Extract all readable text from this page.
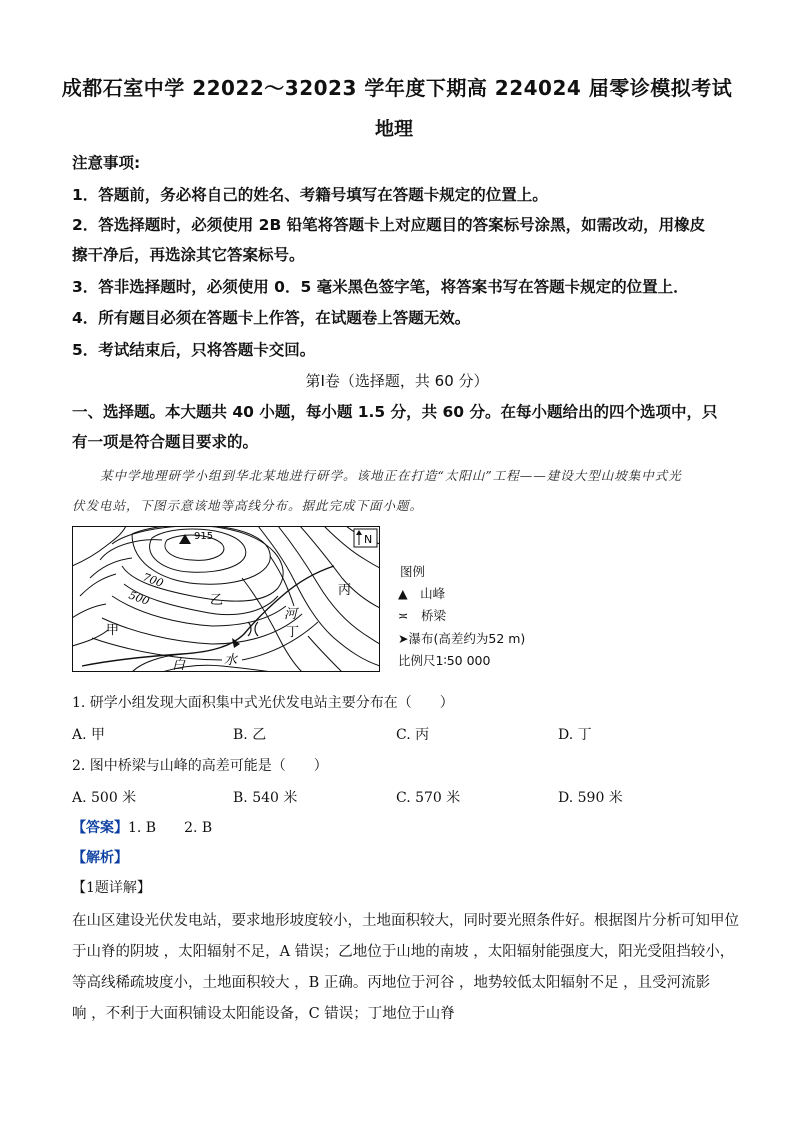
成都石室中学 22022～32023 学年度下期高 224024 届零诊模拟考试
地理
注意事项:
1．答题前，务必将自己的姓名、考籍号填写在答题卡规定的位置上。
2．答选择题时，必须使用 2B 铅笔将答题卡上对应题目的答案标号涂黑，如需改动，用橡皮
擦干净后，再选涂其它答案标号。
3．答非选择题时，必须使用 0．5 毫米黑色签字笔，将答案书写在答题卡规定的位置上．
4．所有题目必须在答题卡上作答，在试题卷上答题无效。
5．考试结束后，只将答题卡交回。
第Ⅰ卷（选择题，共 60 分）
一、选择题。本大题共 40 小题，每小题 1.5 分，共 60 分。在每小题给出的四个选项中，只
有一项是符合题目要求的。
某中学地理研学小组到华北某地进行研学。该地正在打造“太阳山”工程——建设大型山坡集中式光
伏发电站，下图示意该地等高线分布。据此完成下面小题。
915	N
700
500
甲
乙
丙
丁
河
白	水
图例
▲　 山峰
≍　 桥梁
➤瀑布(高差约为52 m)
比例尺1∶50 000
1. 研学小组发现大面积集中式光伏发电站主要分布在（　　）
A. 甲	B. 乙	C. 丙	D. 丁
2. 图中桥梁与山峰的高差可能是（　　）
A. 500 米	B. 540 米	C. 570 米	D. 590 米
【答案】1. B　　2. B
【解析】
【1题详解】
在山区建设光伏发电站，要求地形坡度较小，土地面积较大，同时要光照条件好。根据图片分析可知甲位
于山脊的阴坡 ，太阳辐射不足，A 错误；乙地位于山地的南坡 ，太阳辐射能强度大，阳光受阻挡较小，
等高线稀疏坡度小，土地面积较大 ，B 正确。丙地位于河谷 ，地势较低太阳辐射不足 ，且受河流影
响 ，不利于大面积铺设太阳能设备，C 错误；丁地位于山脊
